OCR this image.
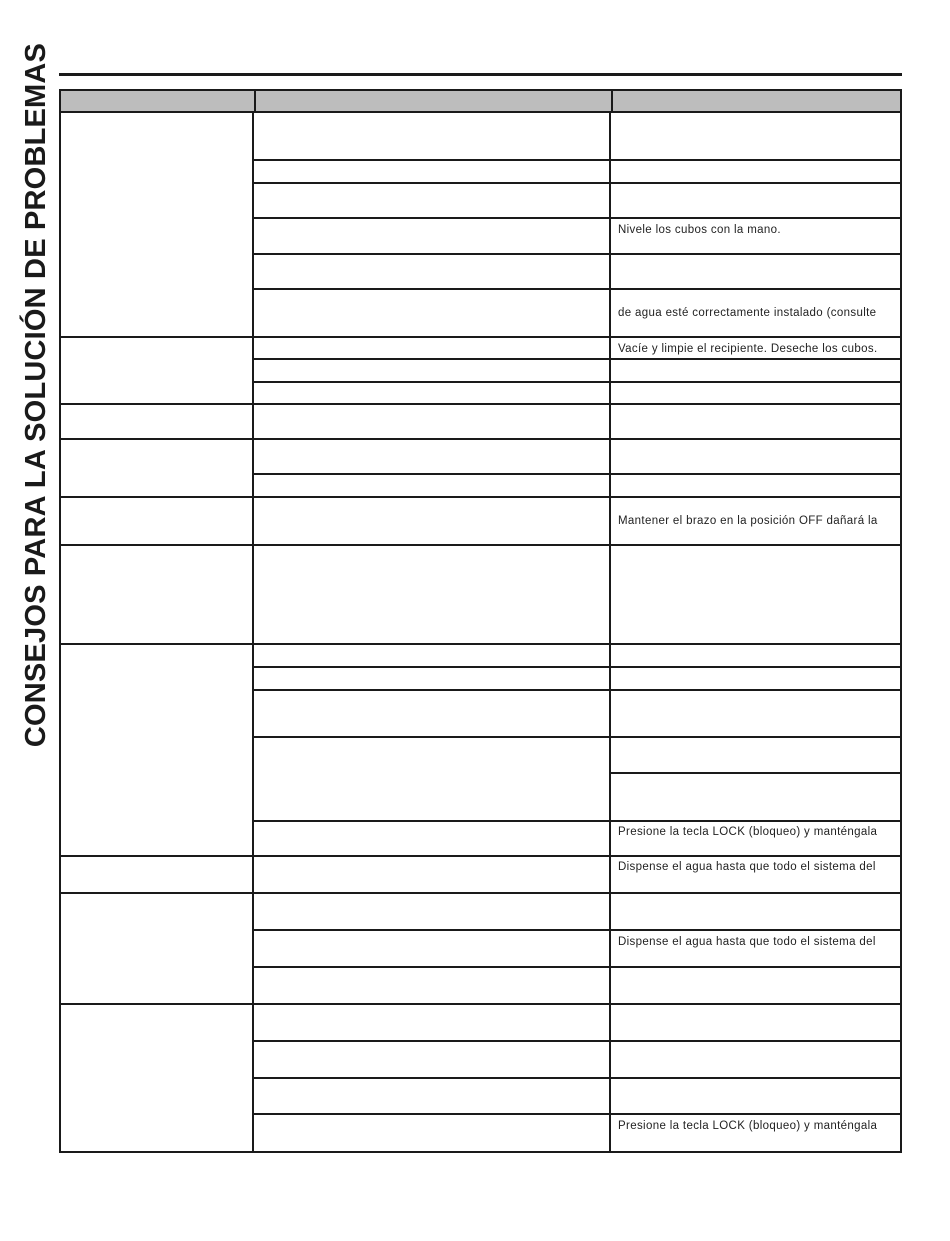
CONSEJOS PARA LA SOLUCIÓN DE PROBLEMAS	Nivele los cubos con la mano.
de agua esté correctamente instalado (consulte
Vacíe y limpie el recipiente. Deseche los cubos.
Mantener el brazo en la posición OFF dañará la
Presione la tecla LOCK (bloqueo) y manténgala
Dispense el agua hasta que todo el sistema del
Dispense el agua hasta que todo el sistema del
Presione la tecla LOCK (bloqueo) y manténgala
